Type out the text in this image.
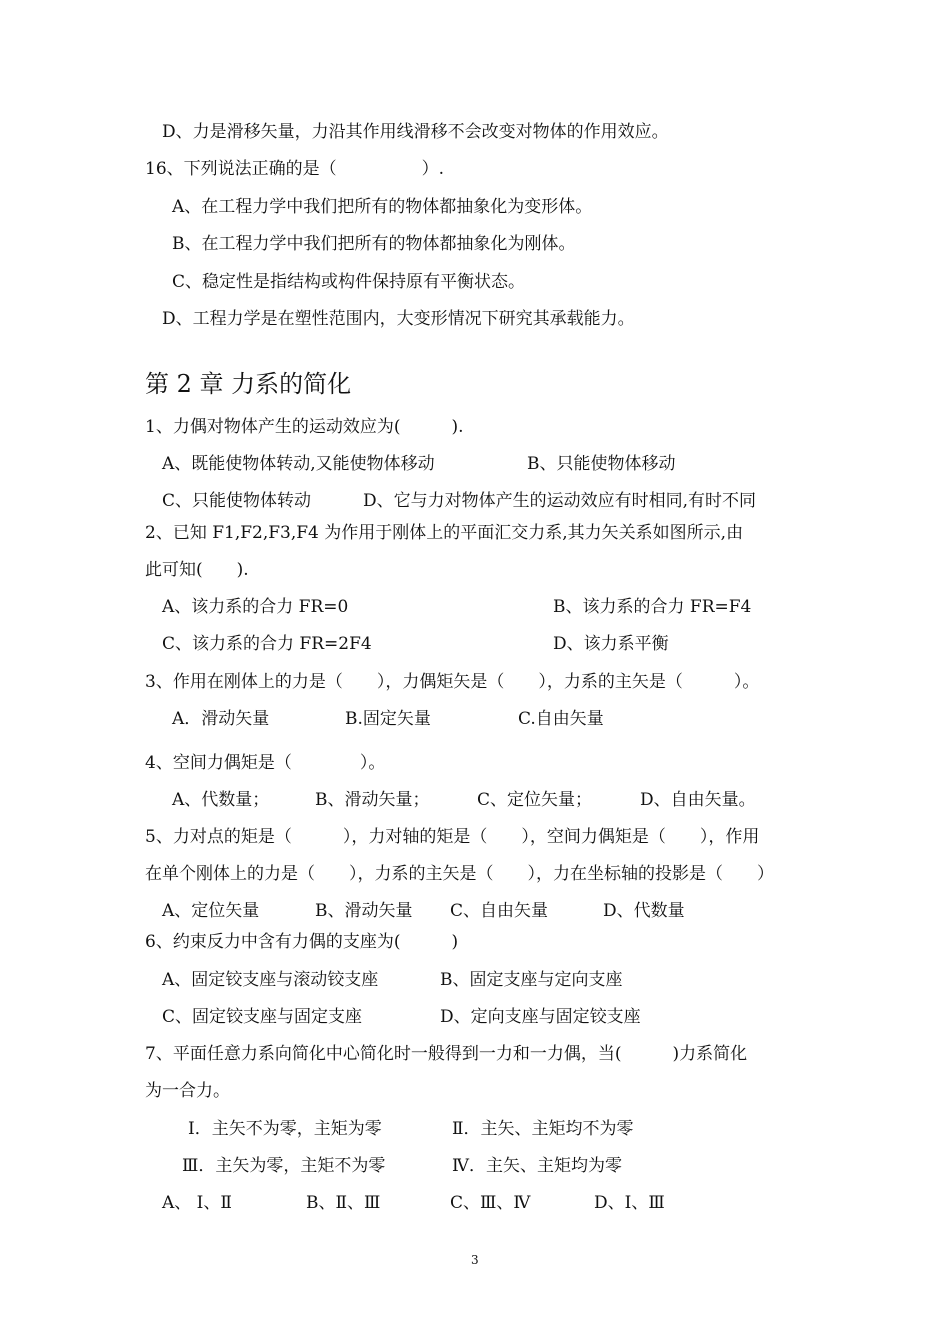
D、力是滑移矢量，力沿其作用线滑移不会改变对物体的作用效应。
16、下列说法正确的是（　　　　　）.
A、在工程力学中我们把所有的物体都抽象化为变形体。
B、在工程力学中我们把所有的物体都抽象化为刚体。
C、稳定性是指结构或构件保持原有平衡状态。
D、工程力学是在塑性范围内，大变形情况下研究其承载能力。
第 2 章 力系的简化
1、力偶对物体产生的运动效应为(　　　).
A、既能使物体转动,又能使物体移动	B、只能使物体移动
C、只能使物体转动	D、它与力对物体产生的运动效应有时相同,有时不同
2、已知 F1,F2,F3,F4 为作用于刚体上的平面汇交力系,其力矢关系如图所示,由
此可知(　　).
A、该力系的合力 FR=0	B、该力系的合力 FR=F4
C、该力系的合力 FR=2F4	D、该力系平衡
3、作用在刚体上的力是（　　），力偶矩矢是（　　），力系的主矢是（　　　）。
A．滑动矢量	B.固定矢量	C.自由矢量
4、空间力偶矩是（　　　　）。
A、代数量；	B、滑动矢量；	C、定位矢量；	D、自由矢量。
5、力对点的矩是（　　　），力对轴的矩是（　　），空间力偶矩是（　　），作用
在单个刚体上的力是（　　），力系的主矢是（　　），力在坐标轴的投影是（　　）
A、定位矢量	B、滑动矢量 C、自由矢量	D、代数量
6、约束反力中含有力偶的支座为(　　　)
A、固定铰支座与滚动铰支座	B、固定支座与定向支座
C、固定铰支座与固定支座	D、定向支座与固定铰支座
7、平面任意力系向简化中心简化时一般得到一力和一力偶，当(　　　)力系简化
为一合力。
Ⅰ．主矢不为零，主矩为零	Ⅱ．主矢、主矩均不为零
Ⅲ．主矢为零，主矩不为零	Ⅳ．主矢、主矩均为零
A、 Ⅰ、Ⅱ	B、Ⅱ、Ⅲ	C、Ⅲ、Ⅳ	D、Ⅰ、Ⅲ
3
